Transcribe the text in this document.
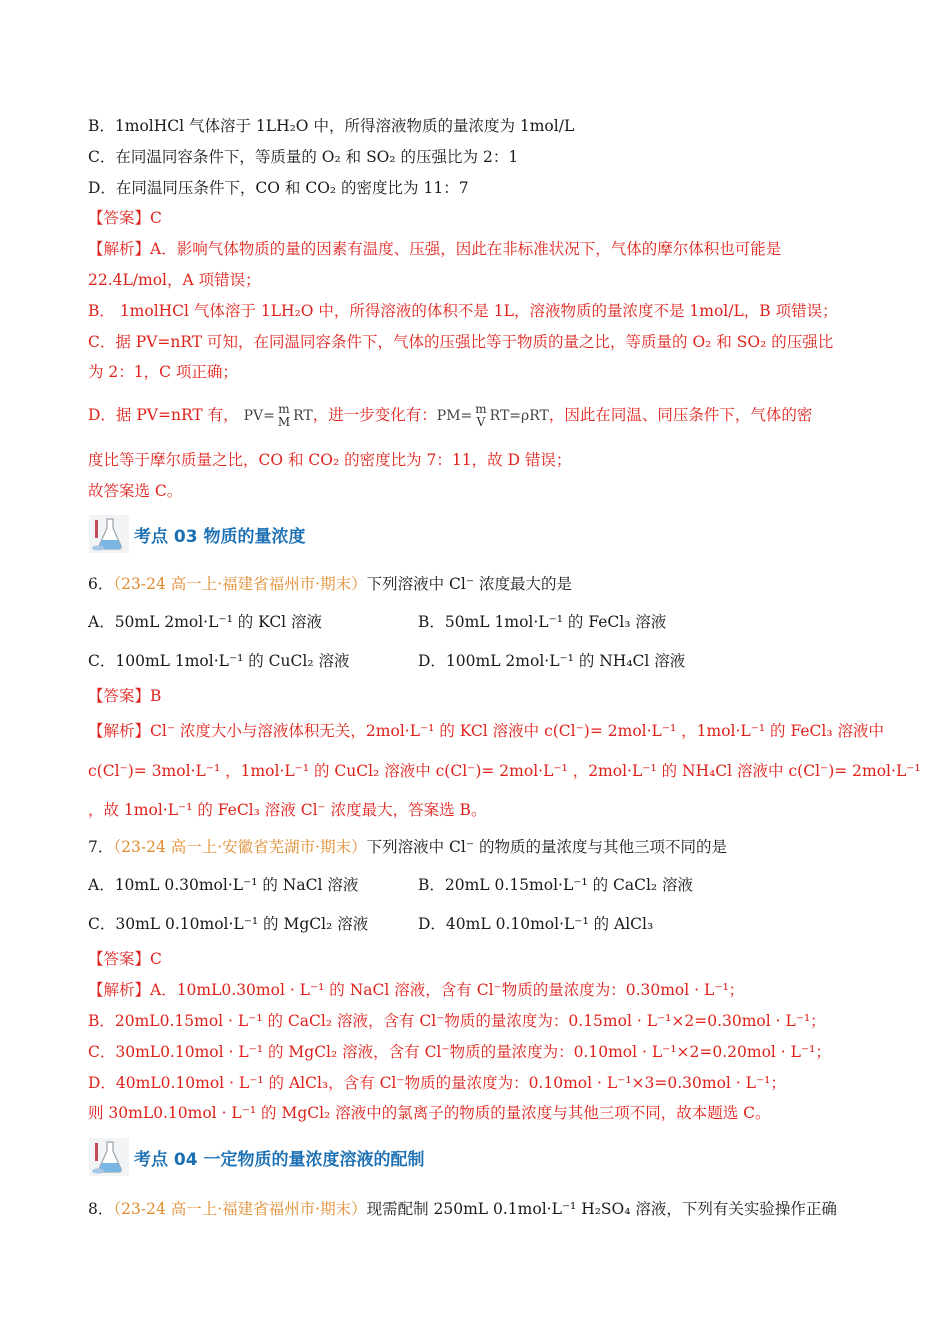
B．1molHCl 气体溶于 1LH₂O 中，所得溶液物质的量浓度为 1mol/L
C．在同温同容条件下，等质量的 O₂ 和 SO₂ 的压强比为 2：1
D．在同温同压条件下，CO 和 CO₂ 的密度比为 11：7
【答案】C
【解析】A．影响气体物质的量的因素有温度、压强，因此在非标准状况下，气体的摩尔体积也可能是
22.4L/mol，A 项错误；
B． 1molHCl 气体溶于 1LH₂O 中，所得溶液的体积不是 1L，溶液物质的量浓度不是 1mol/L，B 项错误；
C．据 PV=nRT 可知，在同温同容条件下，气体的压强比等于物质的量之比，等质量的 O₂ 和 SO₂ 的压强比
为 2：1，C 项正确；
D．据 PV=nRT 有， PV= m
M RT，进一步变化有：PM= m
V RT=ρRT，因此在同温、同压条件下，气体的密
度比等于摩尔质量之比，CO 和 CO₂ 的密度比为 7：11，故 D 错误；
故答案选 C。
考点 03 物质的量浓度
6．（23-24 高一上·福建省福州市·期末）下列溶液中 Cl⁻ 浓度最大的是
A．50mL 2mol·L⁻¹ 的 KCl 溶液	B．50mL 1mol·L⁻¹ 的 FeCl₃ 溶液
C．100mL 1mol·L⁻¹ 的 CuCl₂ 溶液	D．100mL 2mol·L⁻¹ 的 NH₄Cl 溶液
【答案】B
【解析】Cl⁻ 浓度大小与溶液体积无关，2mol·L⁻¹ 的 KCl 溶液中 c(Cl⁻)= 2mol·L⁻¹ ，1mol·L⁻¹ 的 FeCl₃ 溶液中
c(Cl⁻)= 3mol·L⁻¹ ，1mol·L⁻¹ 的 CuCl₂ 溶液中 c(Cl⁻)= 2mol·L⁻¹ ，2mol·L⁻¹ 的 NH₄Cl 溶液中 c(Cl⁻)= 2mol·L⁻¹
，故 1mol·L⁻¹ 的 FeCl₃ 溶液 Cl⁻ 浓度最大，答案选 B。
7．（23-24 高一上·安徽省芜湖市·期末）下列溶液中 Cl⁻ 的物质的量浓度与其他三项不同的是
A．10mL 0.30mol·L⁻¹ 的 NaCl 溶液	B．20mL 0.15mol·L⁻¹ 的 CaCl₂ 溶液
C．30mL 0.10mol·L⁻¹ 的 MgCl₂ 溶液	D．40mL 0.10mol·L⁻¹ 的 AlCl₃
【答案】C
【解析】A．10mL0.30mol · L⁻¹ 的 NaCl 溶液，含有 Cl⁻物质的量浓度为：0.30mol · L⁻¹；
B．20mL0.15mol · L⁻¹ 的 CaCl₂ 溶液，含有 Cl⁻物质的量浓度为：0.15mol · L⁻¹×2=0.30mol · L⁻¹；
C．30mL0.10mol · L⁻¹ 的 MgCl₂ 溶液，含有 Cl⁻物质的量浓度为：0.10mol · L⁻¹×2=0.20mol · L⁻¹；
D．40mL0.10mol · L⁻¹ 的 AlCl₃，含有 Cl⁻物质的量浓度为：0.10mol · L⁻¹×3=0.30mol · L⁻¹；
则 30mL0.10mol · L⁻¹ 的 MgCl₂ 溶液中的氯离子的物质的量浓度与其他三项不同，故本题选 C。
考点 04 一定物质的量浓度溶液的配制
8．（23-24 高一上·福建省福州市·期末）现需配制 250mL 0.1mol·L⁻¹ H₂SO₄ 溶液，下列有关实验操作正确
